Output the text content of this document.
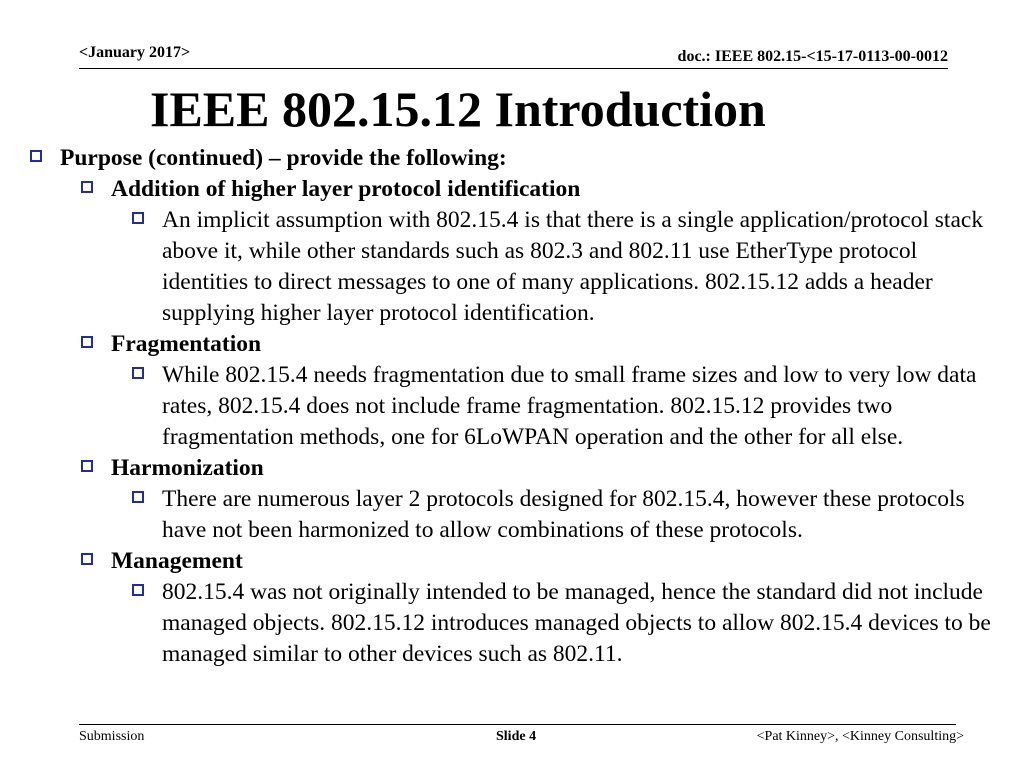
<January 2017>	doc.: IEEE 802.15-<15-17-0113-00-0012
IEEE 802.15.12 Introduction
Purpose (continued) – provide the following:
Addition of higher layer protocol identification
An implicit assumption with 802.15.4 is that there is a single application/protocol stack above it, while other standards such as 802.3 and 802.11 use EtherType protocol identities to direct messages to one of many applications. 802.15.12 adds a header supplying higher layer protocol identification.
Fragmentation
While 802.15.4 needs fragmentation due to small frame sizes and low to very low data rates, 802.15.4 does not include frame fragmentation. 802.15.12 provides two fragmentation methods, one for 6LoWPAN operation and the other for all else.
Harmonization
There are numerous layer 2 protocols designed for 802.15.4, however these protocols have not been harmonized to allow combinations of these protocols.
Management
802.15.4 was not originally intended to be managed, hence the standard did not include managed objects. 802.15.12 introduces managed objects to allow 802.15.4 devices to be managed similar to other devices such as 802.11.
Submission	Slide 4	<Pat Kinney>, <Kinney Consulting>
